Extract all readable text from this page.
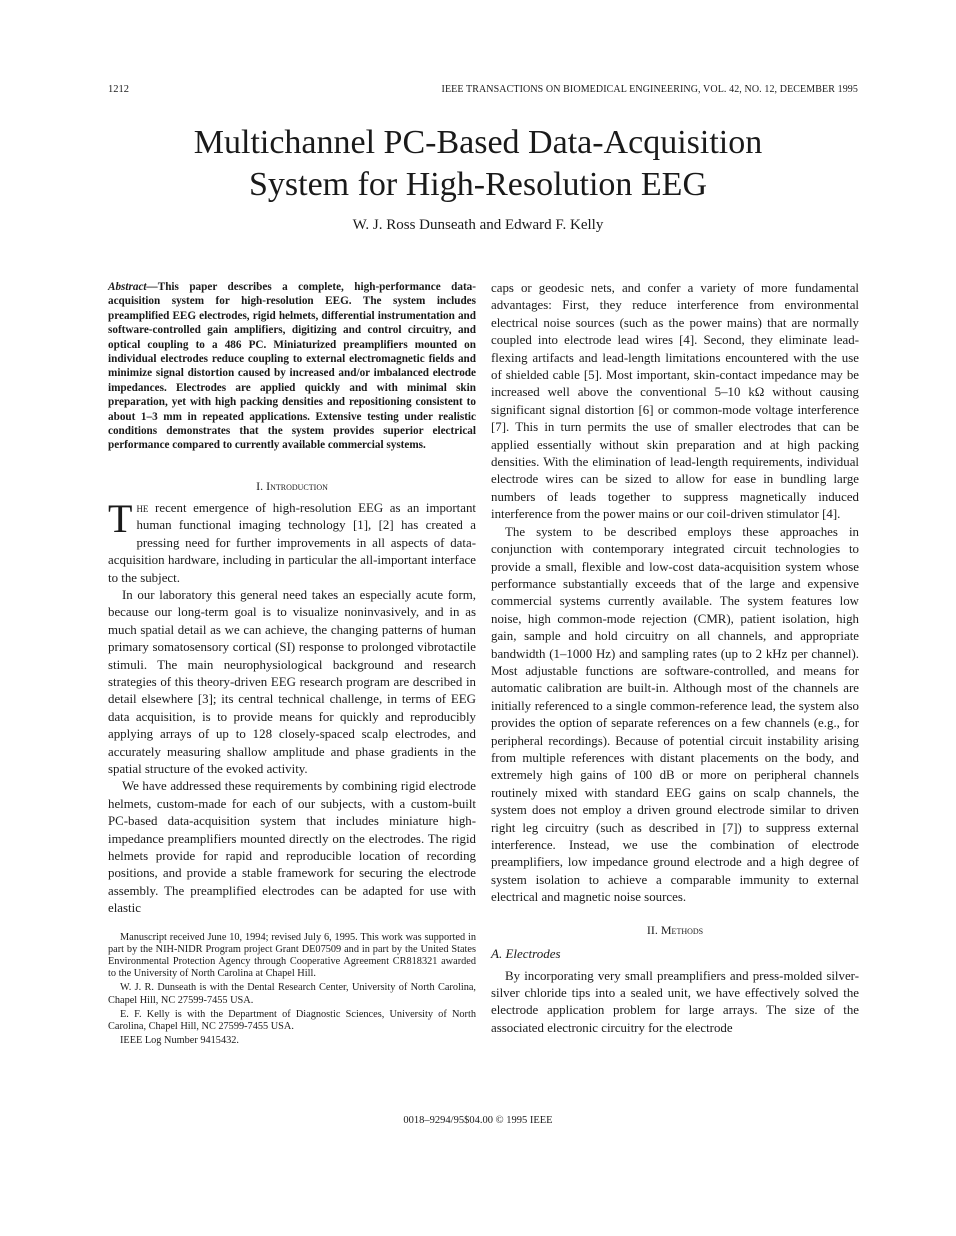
1212	IEEE TRANSACTIONS ON BIOMEDICAL ENGINEERING, VOL. 42, NO. 12, DECEMBER 1995
Multichannel PC-Based Data-Acquisition
System for High-Resolution EEG
W. J. Ross Dunseath and Edward F. Kelly

Abstract—This paper describes a complete, high-performance data-acquisition system for high-resolution EEG. The system includes preamplified EEG electrodes, rigid helmets, differential instrumentation and software-controlled gain amplifiers, digitizing and control circuitry, and optical coupling to a 486 PC. Miniaturized preamplifiers mounted on individual electrodes reduce coupling to external electromagnetic fields and minimize signal distortion caused by increased and/or imbalanced electrode impedances. Electrodes are applied quickly and with minimal skin preparation, yet with high packing densities and repositioning consistent to about 1–3 mm in repeated applications. Extensive testing under realistic conditions demonstrates that the system provides superior electrical performance compared to currently available commercial systems.

I. Introduction

The recent emergence of high-resolution EEG as an important human functional imaging technology [1], [2] has created a pressing need for further improvements in all aspects of data-acquisition hardware, including in particular the all-important interface to the subject.

In our laboratory this general need takes an especially acute form, because our long-term goal is to visualize noninvasively, and in as much spatial detail as we can achieve, the changing patterns of human primary somatosensory cortical (SI) response to prolonged vibrotactile stimuli. The main neurophysiological background and research strategies of this theory-driven EEG research program are described in detail elsewhere [3]; its central technical challenge, in terms of EEG data acquisition, is to provide means for quickly and reproducibly applying arrays of up to 128 closely-spaced scalp electrodes, and accurately measuring shallow amplitude and phase gradients in the spatial structure of the evoked activity.

We have addressed these requirements by combining rigid electrode helmets, custom-made for each of our subjects, with a custom-built PC-based data-acquisition system that includes miniature high-impedance preamplifiers mounted directly on the electrodes. The rigid helmets provide for rapid and reproducible location of recording positions, and provide a stable framework for securing the electrode assembly. The preamplified electrodes can be adapted for use with elastic

Manuscript received June 10, 1994; revised July 6, 1995. This work was supported in part by the NIH-NIDR Program project Grant DE07509 and in part by the United States Environmental Protection Agency through Cooperative Agreement CR818321 awarded to the University of North Carolina at Chapel Hill.

W. J. R. Dunseath is with the Dental Research Center, University of North Carolina, Chapel Hill, NC 27599-7455 USA.

E. F. Kelly is with the Department of Diagnostic Sciences, University of North Carolina, Chapel Hill, NC 27599-7455 USA.

IEEE Log Number 9415432.

caps or geodesic nets, and confer a variety of more fundamental advantages: First, they reduce interference from environmental electrical noise sources (such as the power mains) that are normally coupled into electrode lead wires [4]. Second, they eliminate lead-flexing artifacts and lead-length limitations encountered with the use of shielded cable [5]. Most important, skin-contact impedance may be increased well above the conventional 5–10 kΩ without causing significant signal distortion [6] or common-mode voltage interference [7]. This in turn permits the use of smaller electrodes that can be applied essentially without skin preparation and at high packing densities. With the elimination of lead-length requirements, individual electrode wires can be sized to allow for ease in bundling large numbers of leads together to suppress magnetically induced interference from the power mains or our coil-driven stimulator [4].

The system to be described employs these approaches in conjunction with contemporary integrated circuit technologies to provide a small, flexible and low-cost data-acquisition system whose performance substantially exceeds that of the large and expensive commercial systems currently available. The system features low noise, high common-mode rejection (CMR), patient isolation, high gain, sample and hold circuitry on all channels, and appropriate bandwidth (1–1000 Hz) and sampling rates (up to 2 kHz per channel). Most adjustable functions are software-controlled, and means for automatic calibration are built-in. Although most of the channels are initially referenced to a single common-reference lead, the system also provides the option of separate references on a few channels (e.g., for peripheral recordings). Because of potential circuit instability arising from multiple references with distant placements on the body, and extremely high gains of 100 dB or more on peripheral channels routinely mixed with standard EEG gains on scalp channels, the system does not employ a driven ground electrode similar to driven right leg circuitry (such as described in [7]) to suppress external interference. Instead, we use the combination of electrode preamplifiers, low impedance ground electrode and a high degree of system isolation to achieve a comparable immunity to external electrical and magnetic noise sources.

II. Methods
A. Electrodes

By incorporating very small preamplifiers and press-molded silver-silver chloride tips into a sealed unit, we have effectively solved the electrode application problem for large arrays. The size of the associated electronic circuitry for the electrode

0018–9294/95$04.00 © 1995 IEEE
